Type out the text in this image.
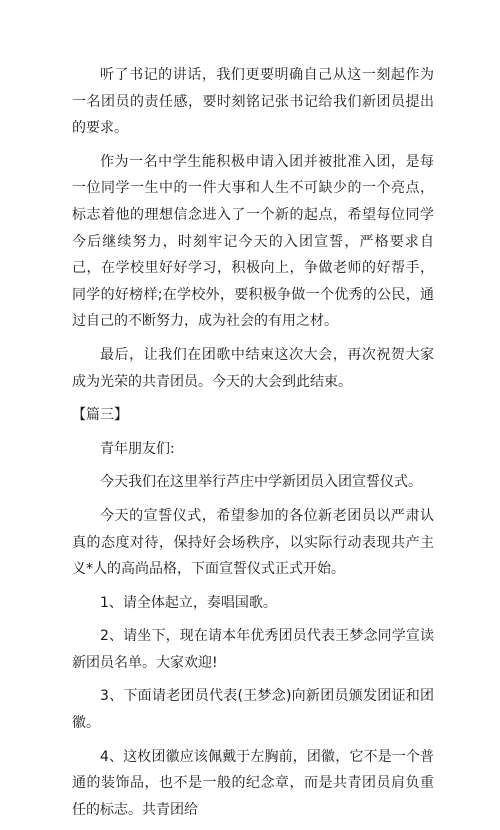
听了书记的讲话，我们更要明确自己从这一刻起作为一名团员的责任感，要时刻铭记张书记给我们新团员提出的要求。

作为一名中学生能积极申请入团并被批准入团，是每一位同学一生中的一件大事和人生不可缺少的一个亮点，标志着他的理想信念进入了一个新的起点，希望每位同学今后继续努力，时刻牢记今天的入团宣誓，严格要求自己，在学校里好好学习，积极向上，争做老师的好帮手，同学的好榜样;在学校外，要积极争做一个优秀的公民，通过自己的不断努力，成为社会的有用之材。

最后，让我们在团歌中结束这次大会，再次祝贺大家成为光荣的共青团员。今天的大会到此结束。

【篇三】

青年朋友们:

今天我们在这里举行芦庄中学新团员入团宣誓仪式。

今天的宣誓仪式，希望参加的各位新老团员以严肃认真的态度对待，保持好会场秩序，以实际行动表现共产主义*人的高尚品格，下面宣誓仪式正式开始。

1、请全体起立，奏唱国歌。

2、请坐下，现在请本年优秀团员代表王梦念同学宣读新团员名单。大家欢迎!

3、下面请老团员代表(王梦念)向新团员颁发团证和团徽。

4、这枚团徽应该佩戴于左胸前，团徽，它不是一个普通的装饰品，也不是一般的纪念章，而是共青团员肩负重任的标志。共青团给
